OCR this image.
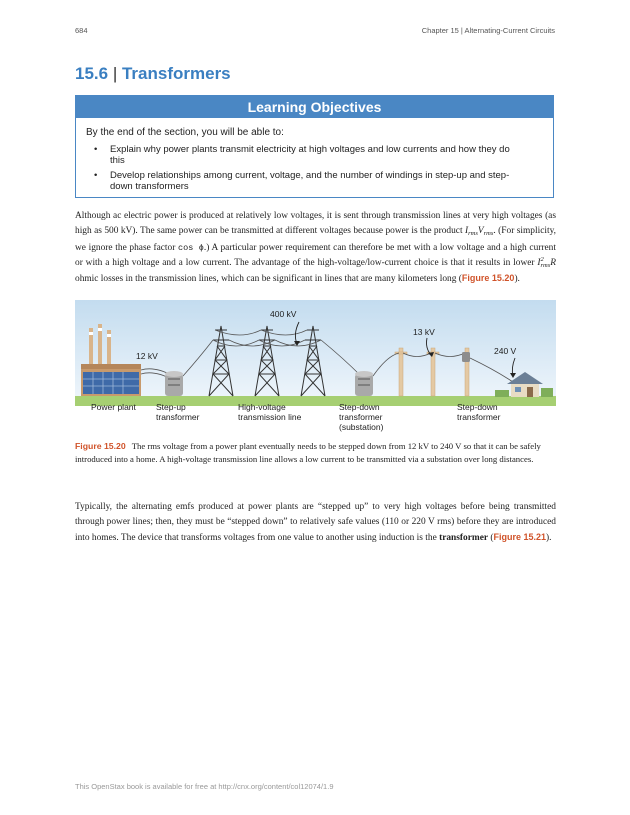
684	Chapter 15 | Alternating-Current Circuits
15.6 | Transformers
Learning Objectives
By the end of the section, you will be able to:
• Explain why power plants transmit electricity at high voltages and low currents and how they do this
• Develop relationships among current, voltage, and the number of windings in step-up and step-down transformers
Although ac electric power is produced at relatively low voltages, it is sent through transmission lines at very high voltages (as high as 500 kV). The same power can be transmitted at different voltages because power is the product $I_{rms}V_{rms}$. (For simplicity, we ignore the phase factor cos ϕ.) A particular power requirement can therefore be met with a low voltage and a high current or with a high voltage and a low current. The advantage of the high-voltage/low-current choice is that it results in lower I 2
rms R ohmic losses in the transmission lines, which can be significant in lines that are many kilometers long (Figure 15.20).
12 kV
400 kV
13 kV
240 V
Power plant Step-up
transformer
High-voltage
transmission line
Step-down
transformer
(substation)
Step-down
transformer
Figure 15.20 The rms voltage from a power plant eventually needs to be stepped down from 12 kV to 240 V so that it can be safely introduced into a home. A high-voltage transmission line allows a low current to be transmitted via a substation over long distances.
Typically, the alternating emfs produced at power plants are “stepped up” to very high voltages before being transmitted through power lines; then, they must be “stepped down” to relatively safe values (110 or 220 V rms) before they are introduced into homes. The device that transforms voltages from one value to another using induction is the transformer (Figure 15.21).
This OpenStax book is available for free at http://cnx.org/content/col12074/1.9
